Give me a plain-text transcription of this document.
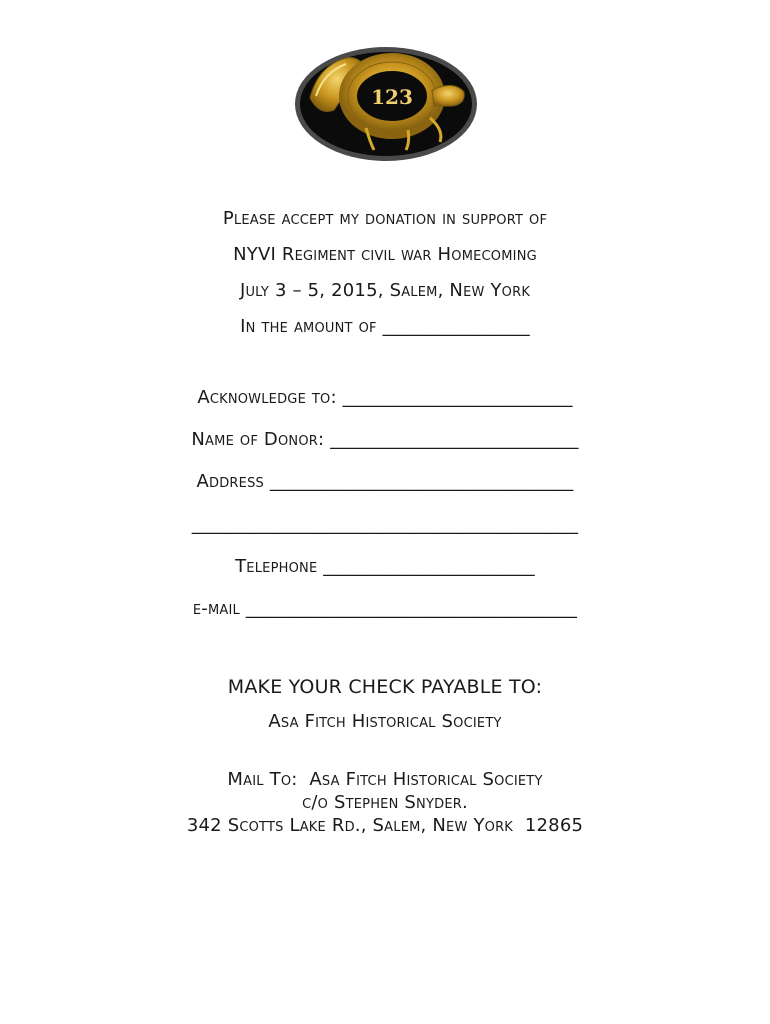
123
Please accept my donation in support of
NYVI Regiment civil war Homecoming
July 3 – 5, 2015, Salem, New York
In the amount of ________________
Acknowledge to: _________________________
Name of Donor: ___________________________
Address _________________________________
__________________________________________
Telephone _______________________
e-mail ____________________________________
MAKE YOUR CHECK PAYABLE TO:
Asa Fitch Historical Society
Mail To:  Asa Fitch Historical Society
c/o Stephen Snyder.
342 Scotts Lake Rd., Salem, New York  12865
